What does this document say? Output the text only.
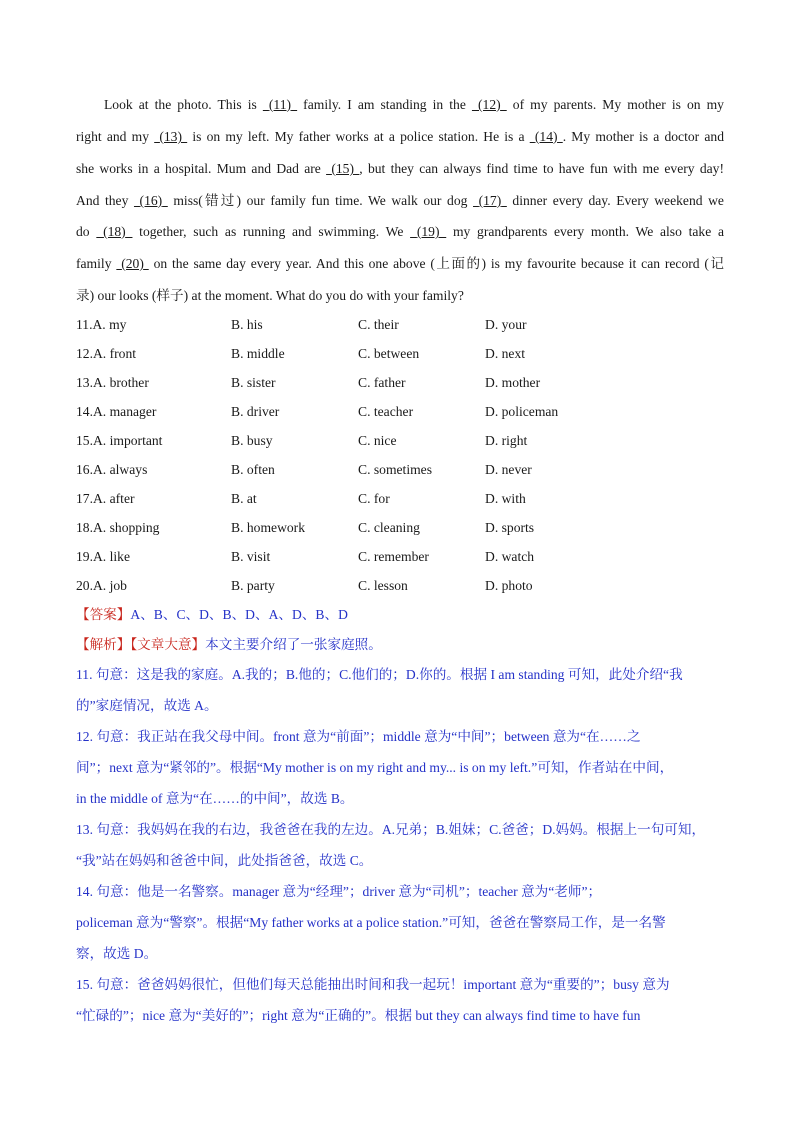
Look at the photo. This is  (11)  family. I am standing in the  (12)  of my parents. My mother is on my
right and my  (13)  is on my left. My father works at a police station. He is a  (14) . My mother is a doctor and
she works in a hospital. Mum and Dad are  (15) , but they can always find time to have fun with me every day!
And they  (16)  miss(错过) our family fun time. We walk our dog  (17)  dinner every day. Every weekend we
do  (18)  together, such as running and swimming. We  (19)  my grandparents every month. We also take a
family  (20)  on the same day every year. And this one above (上面的) is my favourite because it can record (记
录) our looks (样子) at the moment. What do you do with your family?
11.A. my	B. his	C. their	D. your
12.A. front	B. middle	C. between	D. next
13.A. brother	B. sister	C. father	D. mother
14.A. manager	B. driver	C. teacher	D. policeman
15.A. important	B. busy	C. nice	D. right
16.A. always	B. often	C. sometimes	D. never
17.A. after	B. at	C. for	D. with
18.A. shopping	B. homework	C. cleaning	D. sports
19.A. like	B. visit	C. remember	D. watch
20.A. job	B. party	C. lesson	D. photo
【答案】A、B、C、D、B、D、A、D、B、D
【解析】【文章大意】本文主要介绍了一张家庭照。
11. 句意：这是我的家庭。A.我的；B.他的；C.他们的；D.你的。根据 I am standing 可知，此处介绍“我
的”家庭情况，故选 A。
12. 句意：我正站在我父母中间。front 意为“前面”；middle 意为“中间”；between 意为“在……之
间”；next 意为“紧邻的”。根据“My mother is on my right and my... is on my left.”可知，作者站在中间，
in the middle of 意为“在……的中间”，故选 B。
13. 句意：我妈妈在我的右边，我爸爸在我的左边。A.兄弟；B.姐妹；C.爸爸；D.妈妈。根据上一句可知，
“我”站在妈妈和爸爸中间，此处指爸爸，故选 C。
14. 句意：他是一名警察。manager 意为“经理”；driver 意为“司机”；teacher 意为“老师”；
policeman 意为“警察”。根据“My father works at a police station.”可知，爸爸在警察局工作，是一名警
察，故选 D。
15. 句意：爸爸妈妈很忙，但他们每天总能抽出时间和我一起玩！important 意为“重要的”；busy 意为
“忙碌的”；nice 意为“美好的”；right 意为“正确的”。根据 but they can always find time to have fun
